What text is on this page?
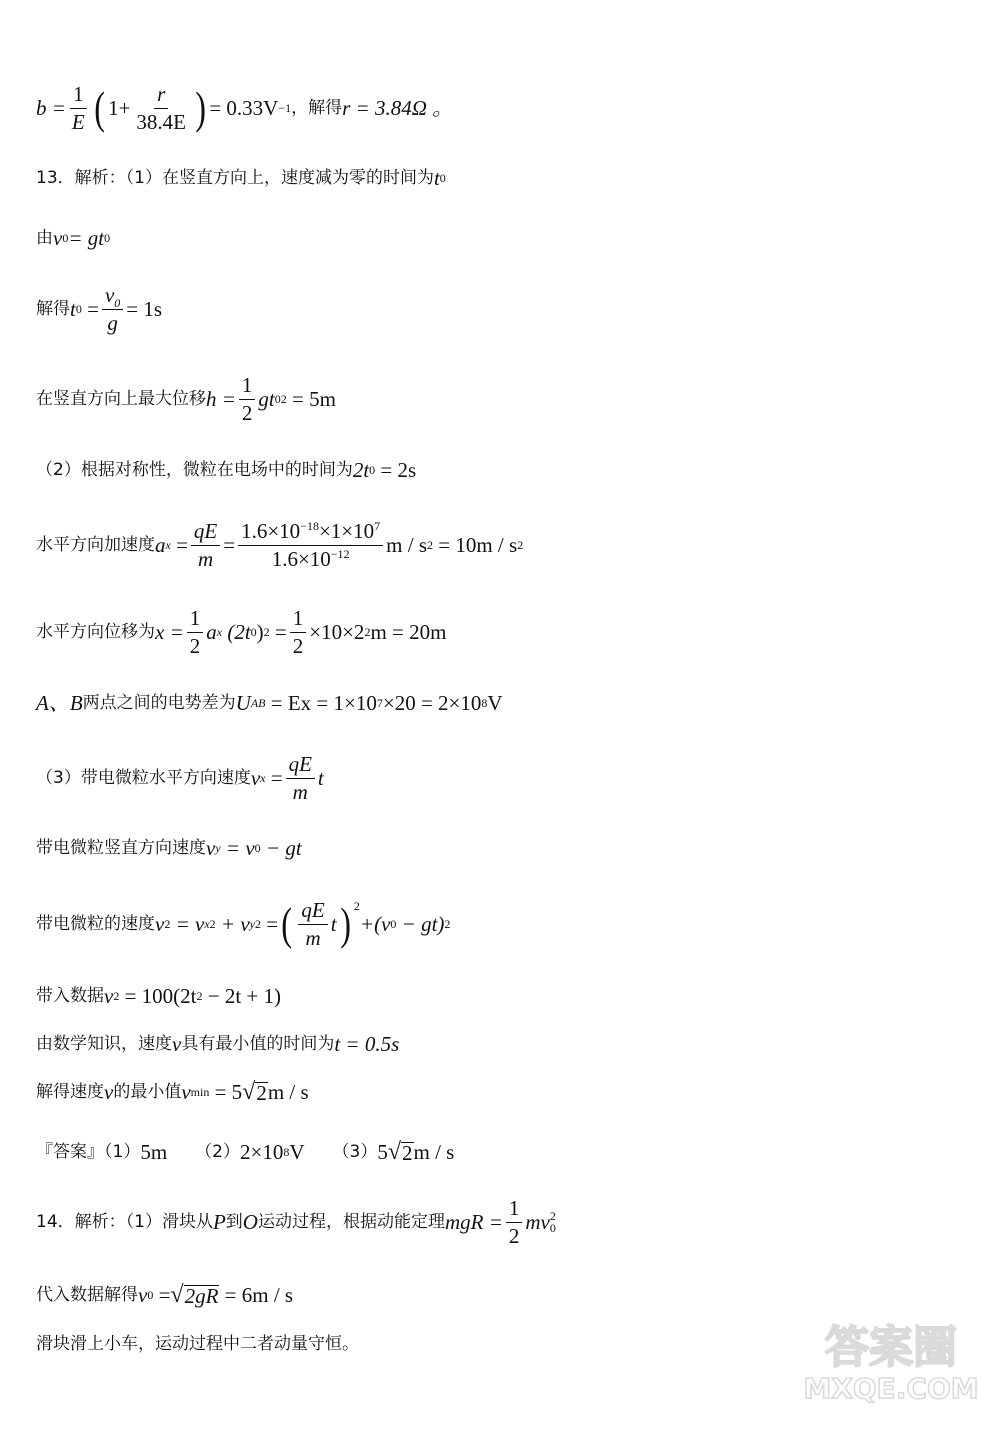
$b = \frac{1}{E}$ ( $1+ \frac{r}{38.4E}$ ) = 0.33V −1 ，解得 r = 3.84Ω 。
13．解析：（1）在竖直方向上，速度减为零的时间为 t 0
由 v 0 = gt 0
解得 t $0 = \frac{v_0}{g} = 1s$
在竖直方向上最大位移 $h = \frac{1}{2}$ gt 0 2
= 5m
（2）根据对称性，微粒在电场中的时间为 2t 0
= 2s
水平方向加速度 a $x = \frac{qE}{m} = \frac{1.6\times 10^{-18}\times 1\times 10^7}{1.6\times 10^{-12}}$ m / s 2
= 10m / s 2
水平方向位移为 $x = \frac{1}{2}$ a x
(2t 0 ) $2 = \frac{1}{2} \times 10\times 2$ 2 m = 20m
A、B 两点之间的电势差为 U AB
= Ex = 1×10 7 ×20 = 2×10 8 V
（3）带电微粒水平方向速度 v $x = \frac{qE}{m}$ t
带电微粒竖直方向速度 v y
= v 0
− gt
带电微粒的速度 v 2
= v x 2
+ v y 2
= ( $\frac{qE}{m}$ t ) $^2$
+(v 0
− gt) 2
带入数据 v 2
= 100(2t 2
− 2t + 1)
由数学知识，速度 v 具有最小值的时间为 t = 0.5s
解得速度 v 的最小值 v min
= 5 √ 2 m / s
『答案』（1） 5m （2） 2×10 8 V （3） 5 √ 2 m / s
14．解析：（1）滑块从 P 到 O 运动过程，根据动能定理 mgR = $\frac{1}{2}$ mv 2
0
代入数据解得 v 0
= √ 2gR
= 6m / s
滑块滑上小车，运动过程中二者动量守恒。	答案圈
MXQE.COM
